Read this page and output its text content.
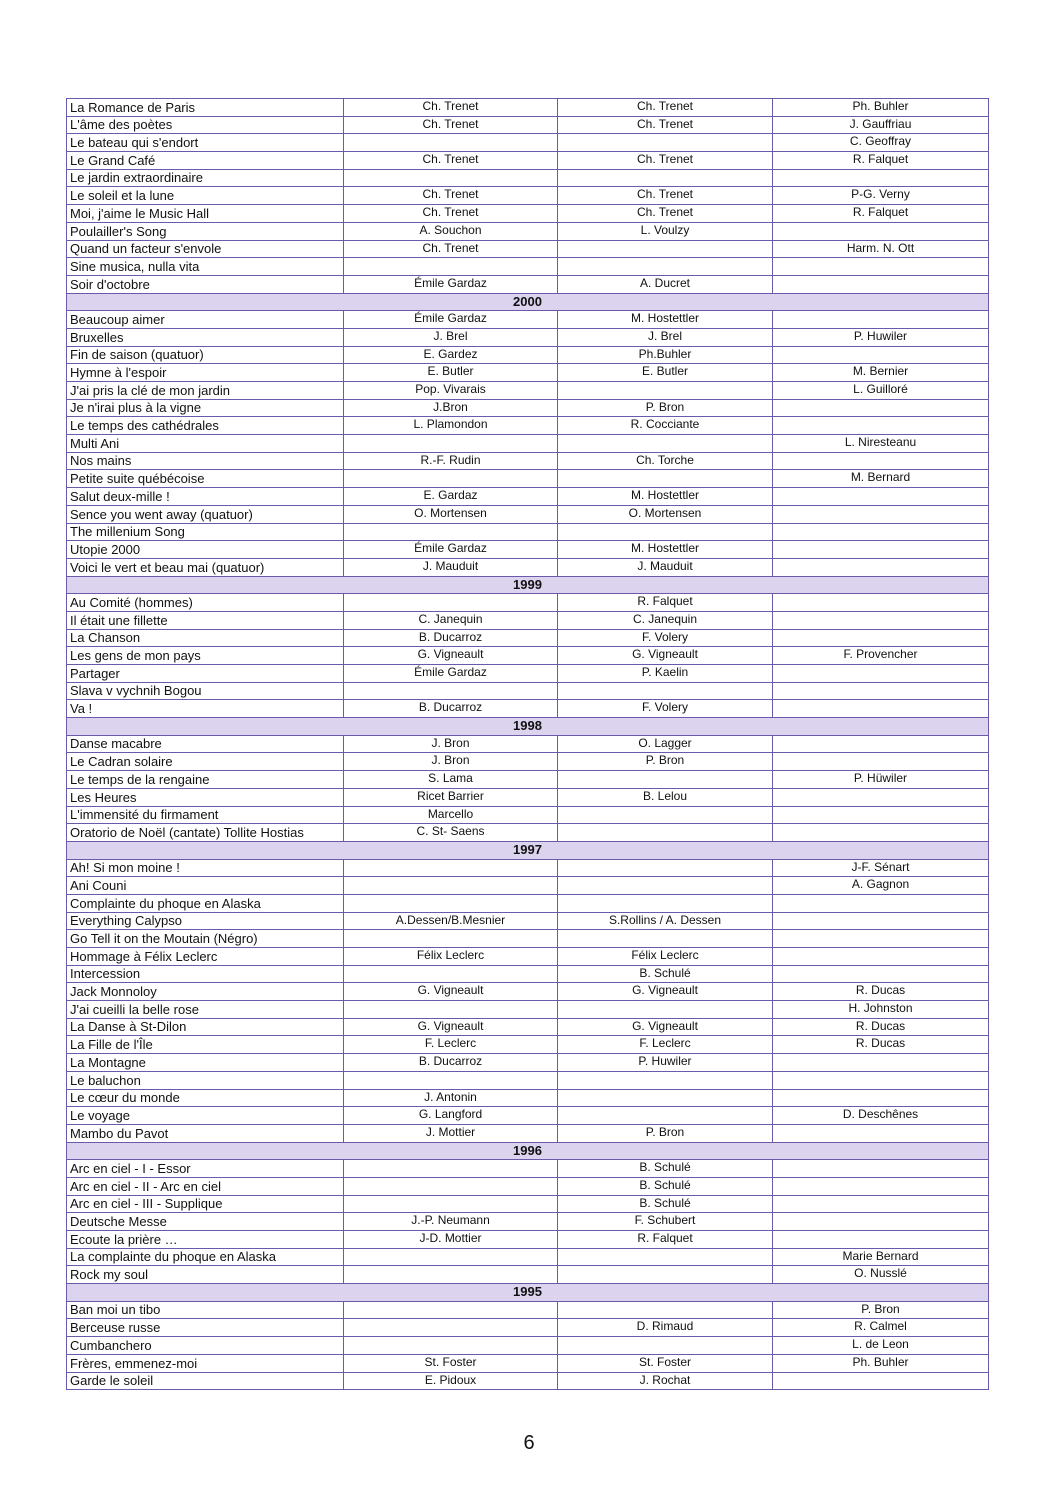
La Romance de Paris	Ch. Trenet	Ch. Trenet	Ph. Buhler
L'âme des poètes	Ch. Trenet	Ch. Trenet	J. Gauffriau
Le bateau qui s'endort			C. Geoffray
Le Grand Café	Ch. Trenet	Ch. Trenet	R. Falquet
Le jardin extraordinaire			
Le soleil et la lune	Ch. Trenet	Ch. Trenet	P-G. Verny
Moi, j'aime le Music Hall	Ch. Trenet	Ch. Trenet	R. Falquet
Poulailler's Song	A. Souchon	L. Voulzy	
Quand un facteur s'envole	Ch. Trenet		Harm. N. Ott
Sine musica, nulla vita			
Soir d'octobre	Émile Gardaz	A. Ducret	
2000			
Beaucoup aimer	Émile Gardaz	M. Hostettler	
Bruxelles	J. Brel	J. Brel	P. Huwiler
Fin de saison (quatuor)	E. Gardez	Ph.Buhler	
Hymne à l'espoir	E. Butler	E. Butler	M. Bernier
J'ai pris la clé de mon jardin	Pop. Vivarais		L. Guilloré
Je n'irai plus à la vigne	J.Bron	P. Bron	
Le temps des cathédrales	L. Plamondon	R. Cocciante	
Multi Ani			L. Niresteanu
Nos mains	R.-F. Rudin	Ch. Torche	
Petite suite québécoise			M. Bernard
Salut deux-mille !	E. Gardaz	M. Hostettler	
Sence you went away (quatuor)	O. Mortensen	O. Mortensen	
The millenium Song			
Utopie 2000	Émile Gardaz	M. Hostettler	
Voici le vert et beau mai (quatuor)	J. Mauduit	J. Mauduit	
1999			
Au Comité (hommes)		R. Falquet	
Il était une fillette	C. Janequin	C. Janequin	
La Chanson	B. Ducarroz	F. Volery	
Les gens de mon pays	G. Vigneault	G. Vigneault	F. Provencher
Partager	Émile Gardaz	P. Kaelin	
Slava v vychnih Bogou			
Va !	B. Ducarroz	F. Volery	
1998			
Danse macabre	J. Bron	O. Lagger	
Le Cadran solaire	J. Bron	P. Bron	
Le temps de la rengaine	S. Lama		P. Hüwiler
Les Heures	Ricet Barrier	B. Lelou	
L'immensité du firmament	Marcello		
Oratorio de Noël (cantate) Tollite Hostias	C. St- Saens		
1997			
Ah! Si mon moine !			J-F. Sénart
Ani Couni			A. Gagnon
Complainte du phoque en Alaska			
Everything Calypso	A.Dessen/B.Mesnier	S.Rollins / A. Dessen	
Go Tell it on the Moutain (Négro)			
Hommage à Félix Leclerc	Félix Leclerc	Félix Leclerc	
Intercession		B. Schulé	
Jack Monnoloy	G. Vigneault	G. Vigneault	R. Ducas
J'ai cueilli la belle rose			H. Johnston
La Danse à St-Dilon	G. Vigneault	G. Vigneault	R. Ducas
La Fille de l'Île	F. Leclerc	F. Leclerc	R. Ducas
La Montagne	B. Ducarroz	P. Huwiler	
Le baluchon			
Le cœur du monde	J. Antonin		
Le voyage	G. Langford		D. Deschênes
Mambo du Pavot	J. Mottier	P. Bron	
1996			
Arc en ciel - I - Essor		B. Schulé	
Arc en ciel - II - Arc en ciel		B. Schulé	
Arc en ciel - III - Supplique		B. Schulé	
Deutsche Messe	J.-P. Neumann	F. Schubert	
Ecoute la prière …	J-D. Mottier	R. Falquet	
La complainte du phoque en Alaska			Marie Bernard
Rock my soul			O. Nusslé
1995			
Ban moi un tibo			P. Bron
Berceuse russe		D. Rimaud	R. Calmel
Cumbanchero			L. de Leon
Frères, emmenez-moi	St. Foster	St. Foster	Ph. Buhler
Garde le soleil	E. Pidoux	J. Rochat	
6
